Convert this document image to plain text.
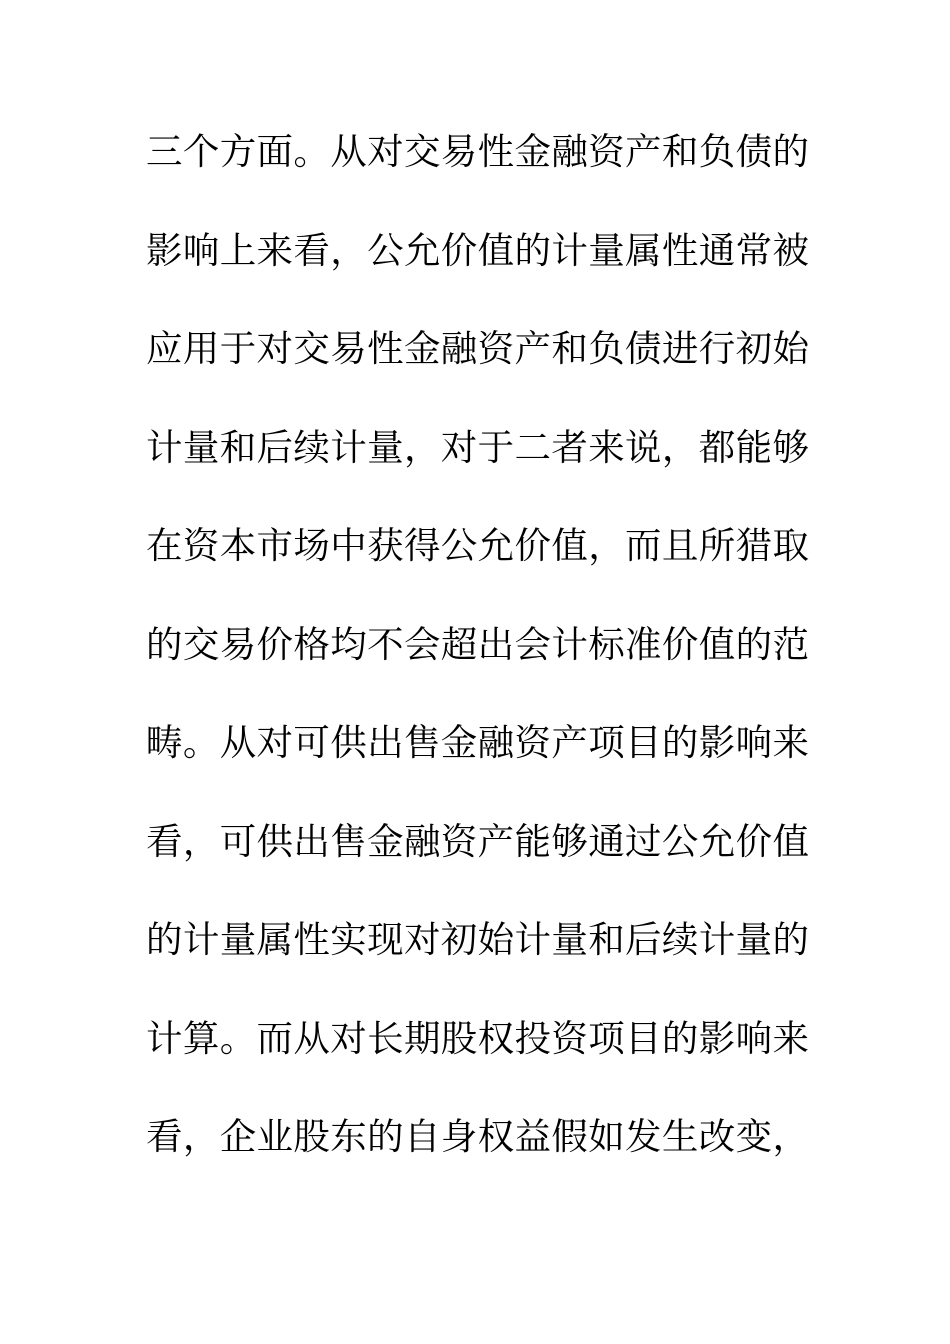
三个方面。从对交易性金融资产和负债的
影响上来看，公允价值的计量属性通常被
应用于对交易性金融资产和负债进行初始
计量和后续计量，对于二者来说，都能够
在资本市场中获得公允价值，而且所猎取
的交易价格均不会超出会计标准价值的范
畴。从对可供出售金融资产项目的影响来
看，可供出售金融资产能够通过公允价值
的计量属性实现对初始计量和后续计量的
计算。而从对长期股权投资项目的影响来
看，企业股东的自身权益假如发生改变，
